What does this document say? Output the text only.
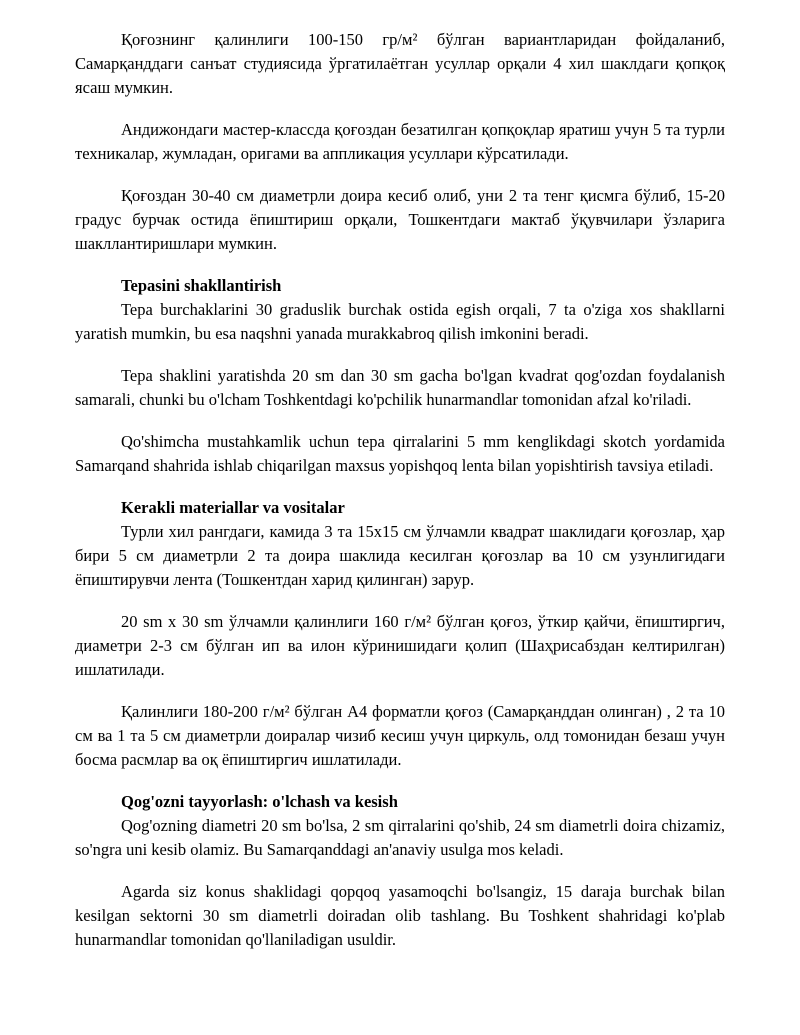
Қоғознинг қалинлиги 100-150 гр/м² бўлган вариантларидан фойдаланиб, Самарқанддаги санъат студиясида ўргатилаётган усуллар орқали 4 хил шаклдаги қопқоқ ясаш мумкин.

Андижондаги мастер-классда қоғоздан безатилган қопқоқлар яратиш учун 5 та турли техникалар, жумладан, оригами ва аппликация усуллари кўрсатилади.

Қоғоздан 30-40 см диаметрли доира кесиб олиб, уни 2 та тенг қисмга бўлиб, 15-20 градус бурчак остида ёпиштириш орқали, Тошкентдаги мактаб ўқувчилари ўзларига шакллантиришлари мумкин.

Tepasini shakllantirish

Tepa burchaklarini 30 graduslik burchak ostida egish orqali, 7 ta o'ziga xos shakllarni yaratish mumkin, bu esa naqshni yanada murakkabroq qilish imkonini beradi.

Tepa shaklini yaratishda 20 sm dan 30 sm gacha bo'lgan kvadrat qog'ozdan foydalanish samarali, chunki bu o'lcham Toshkentdagi ko'pchilik hunarmandlar tomonidan afzal ko'riladi.

Qo'shimcha mustahkamlik uchun tepa qirralarini 5 mm kenglikdagi skotch yordamida Samarqand shahrida ishlab chiqarilgan maxsus yopishqoq lenta bilan yopishtirish tavsiya etiladi.

Kerakli materiallar va vositalar

Турли хил рангдаги, камида 3 та 15х15 см ўлчамли квадрат шаклидаги қоғозлар, ҳар бири 5 см диаметрли 2 та доира шаклида кесилган қоғозлар ва 10 см узунлигидаги ёпиштирувчи лента (Тошкентдан харид қилинган) зарур.

20 sm x 30 sm ўлчамли қалинлиги 160 г/м² бўлган қоғоз, ўткир қайчи, ёпиштиргич, диаметри 2-3 см бўлган ип ва илон кўринишидаги қолип (Шаҳрисабздан келтирилган) ишлатилади.

Қалинлиги 180-200 г/м² бўлган А4 форматли қоғоз (Самарқанддан олинган) , 2 та 10 см ва 1 та 5 см диаметрли доиралар чизиб кесиш учун циркуль, олд томонидан безаш учун босма расмлар ва оқ ёпиштиргич ишлатилади.

Qog'ozni tayyorlash: o'lchash va kesish

Qog'ozning diametri 20 sm bo'lsa, 2 sm qirralarini qo'shib, 24 sm diametrli doira chizamiz, so'ngra uni kesib olamiz. Bu Samarqanddagi an'anaviy usulga mos keladi.

Agarda siz konus shaklidagi qopqoq yasamoqchi bo'lsangiz, 15 daraja burchak bilan kesilgan sektorni 30 sm diametrli doiradan olib tashlang. Bu Toshkent shahridagi ko'plab hunarmandlar tomonidan qo'llaniladigan usuldir.
